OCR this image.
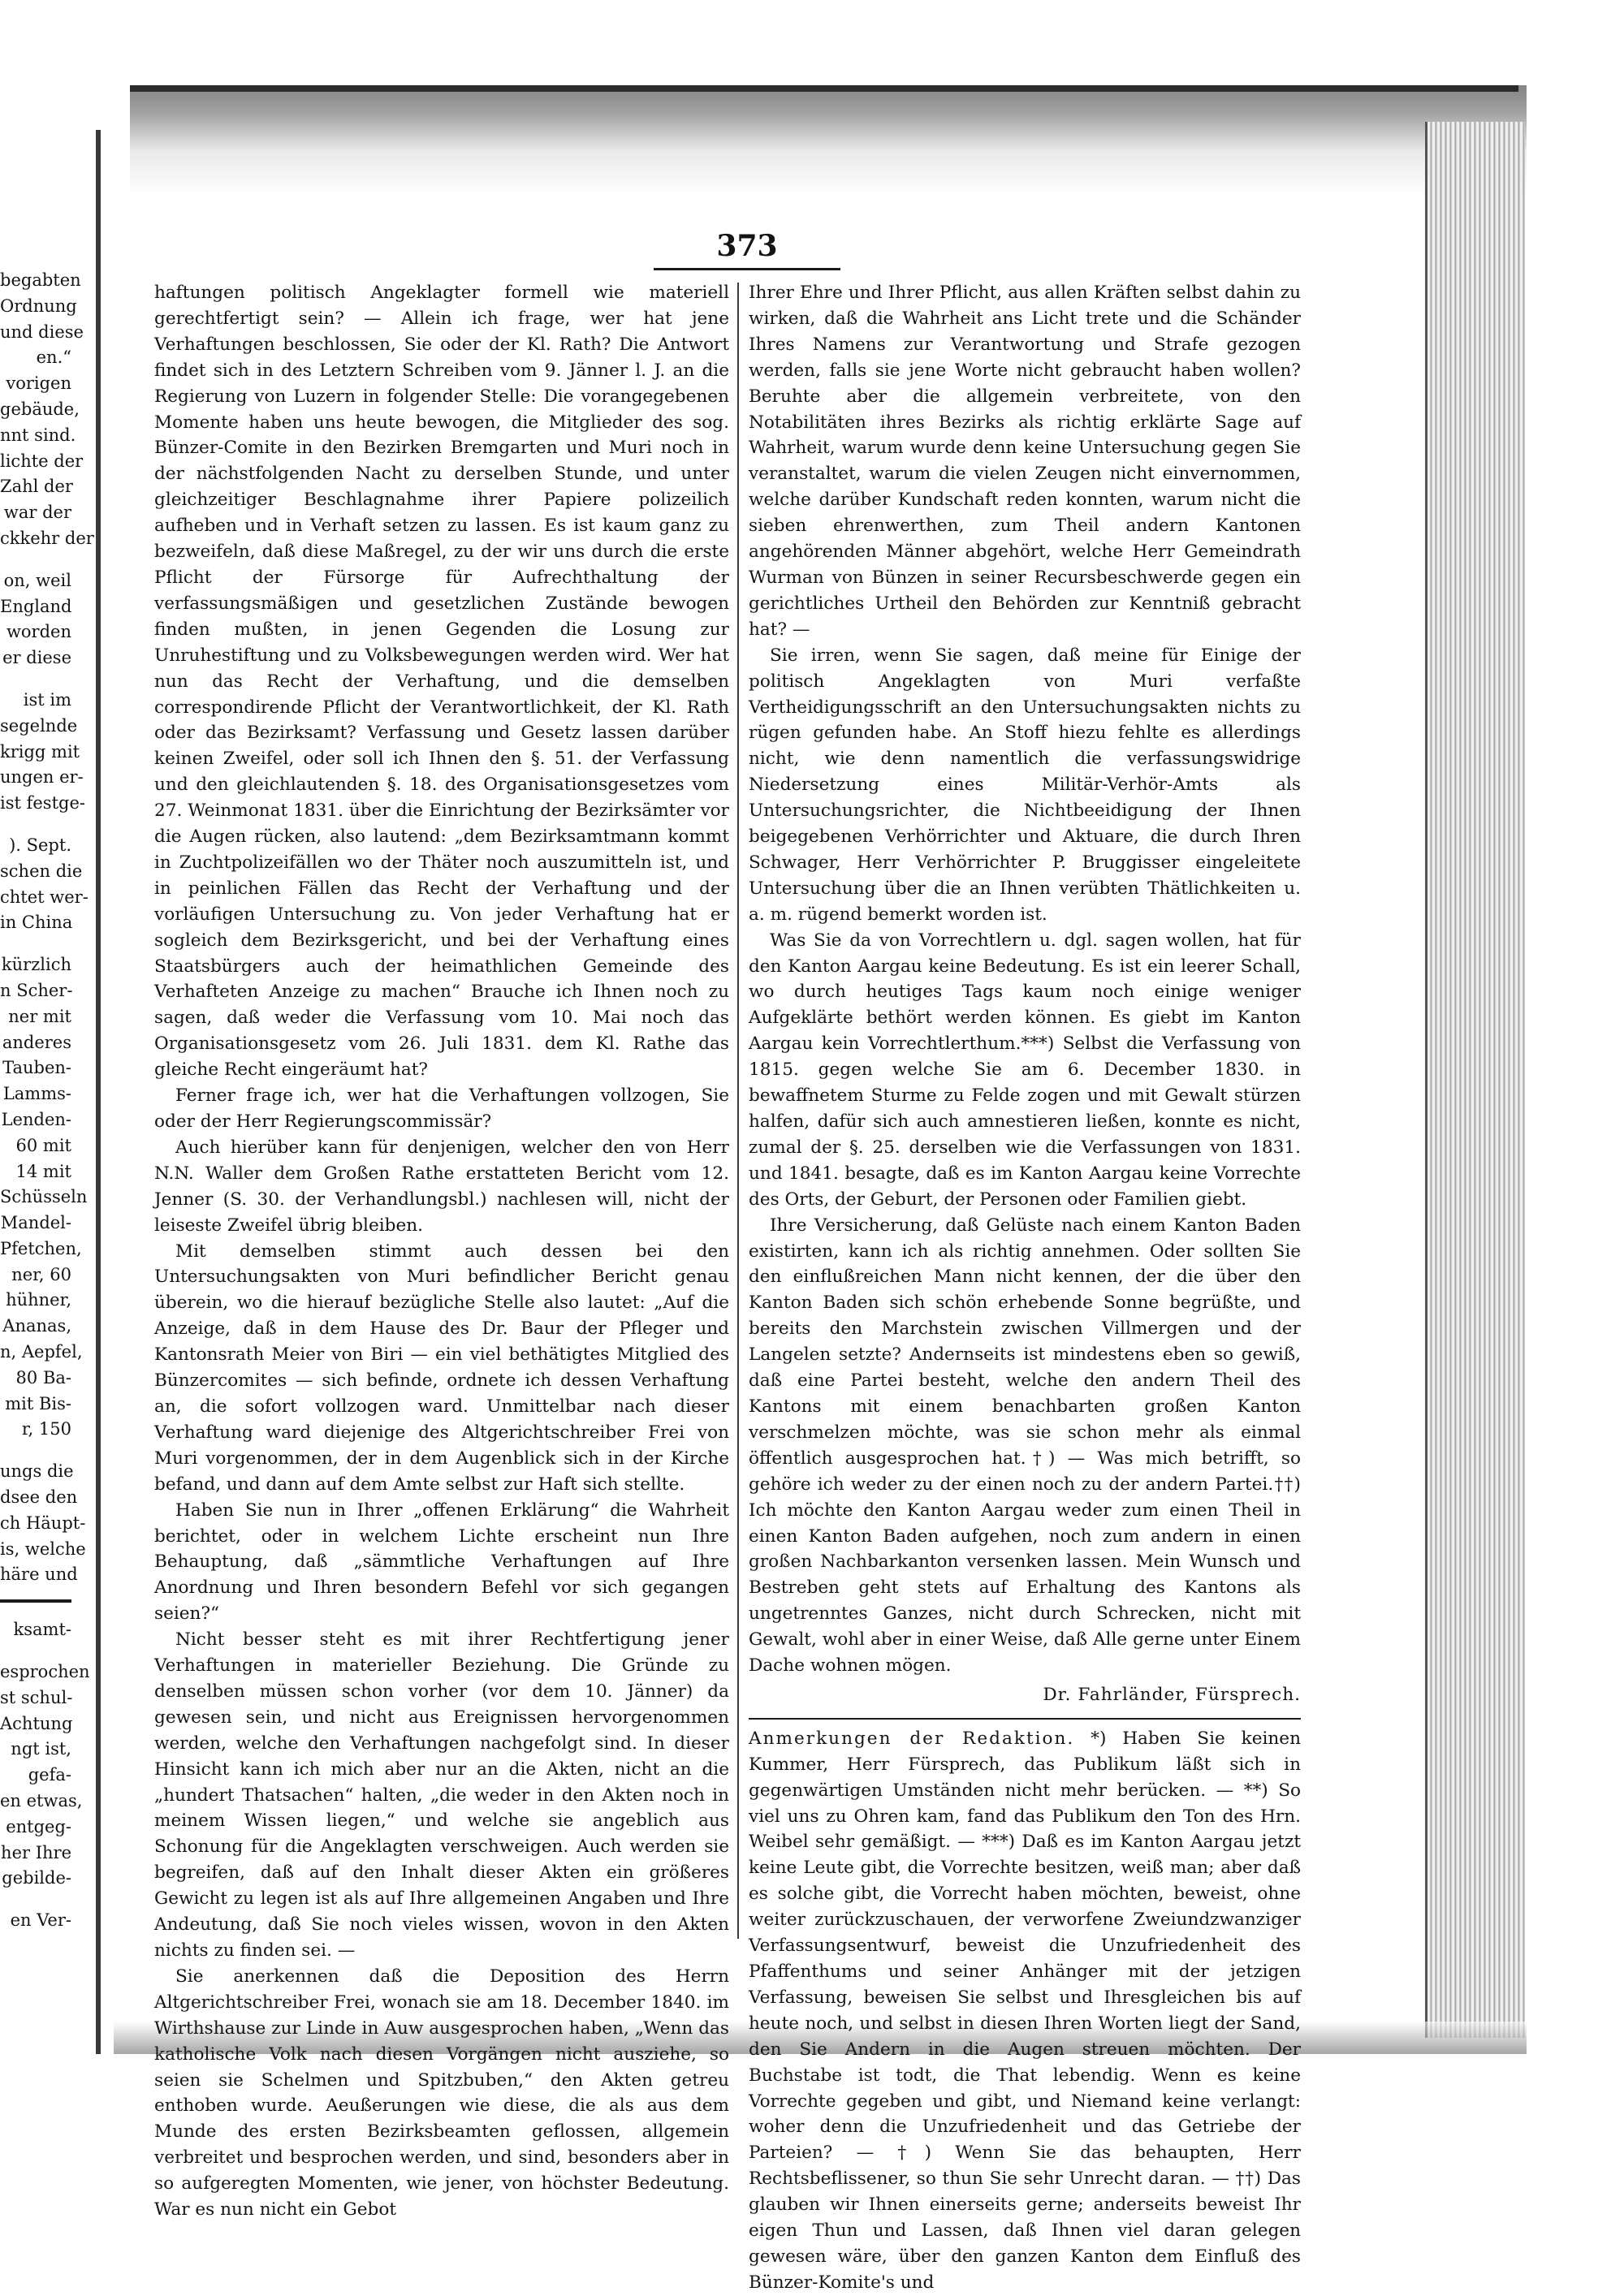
begabten
Ordnung
und diese
en.“
vorigen
gebäude,
nnt sind.
lichte der
Zahl der
war der
ckkehr der
on, weil
England
worden
er diese
ist im
segelnde
krigg mit
ungen er-
ist festge-
). Sept.
schen die
chtet wer-
in China
kürzlich
n Scher-
ner mit
anderes
Tauben-
Lamms-
Lenden-
60 mit
14 mit
Schüsseln
Mandel-
Pfetchen,
ner, 60
hühner,
Ananas,
n, Aepfel,
80 Ba-
mit Bis-
r, 150
ungs die
dsee den
ch Häupt-
is, welche
häre und
ksamt-
esprochen
st schul-
Achtung
ngt ist,
gefa-
en etwas,
entgeg-
her Ihre
gebilde-
en Ver-
373

haftungen politisch Angeklagter formell wie materiell gerechtfertigt sein? — Allein ich frage, wer hat jene Verhaftungen beschlossen, Sie oder der Kl. Rath? Die Antwort findet sich in des Letztern Schreiben vom 9. Jänner l. J. an die Regierung von Luzern in folgender Stelle: Die vorangegebenen Momente haben uns heute bewogen, die Mitglieder des sog. Bünzer-Comite in den Bezirken Bremgarten und Muri noch in der nächstfolgenden Nacht zu derselben Stunde, und unter gleichzeitiger Beschlagnahme ihrer Papiere polizeilich aufheben und in Verhaft setzen zu lassen. Es ist kaum ganz zu bezweifeln, daß diese Maßregel, zu der wir uns durch die erste Pflicht der Fürsorge für Aufrechthaltung der verfassungsmäßigen und gesetzlichen Zustände bewogen finden mußten, in jenen Gegenden die Losung zur Unruhestiftung und zu Volksbewegungen werden wird. Wer hat nun das Recht der Verhaftung, und die demselben correspondirende Pflicht der Verantwortlichkeit, der Kl. Rath oder das Bezirksamt? Verfassung und Gesetz lassen darüber keinen Zweifel, oder soll ich Ihnen den §. 51. der Verfassung und den gleichlautenden §. 18. des Organisationsgesetzes vom 27. Weinmonat 1831. über die Einrichtung der Bezirksämter vor die Augen rücken, also lautend: „dem Bezirksamtmann kommt in Zuchtpolizeifällen wo der Thäter noch auszumitteln ist, und in peinlichen Fällen das Recht der Verhaftung und der vorläufigen Untersuchung zu. Von jeder Verhaftung hat er sogleich dem Bezirksgericht, und bei der Verhaftung eines Staatsbürgers auch der heimathlichen Gemeinde des Verhafteten Anzeige zu machen“ Brauche ich Ihnen noch zu sagen, daß weder die Verfassung vom 10. Mai noch das Organisationsgesetz vom 26. Juli 1831. dem Kl. Rathe das gleiche Recht eingeräumt hat?

Ferner frage ich, wer hat die Verhaftungen vollzogen, Sie oder der Herr Regierungscommissär?

Auch hierüber kann für denjenigen, welcher den von Herr N.N. Waller dem Großen Rathe erstatteten Bericht vom 12. Jenner (S. 30. der Verhandlungsbl.) nachlesen will, nicht der leiseste Zweifel übrig bleiben.

Mit demselben stimmt auch dessen bei den Untersuchungsakten von Muri befindlicher Bericht genau überein, wo die hierauf bezügliche Stelle also lautet: „Auf die Anzeige, daß in dem Hause des Dr. Baur der Pfleger und Kantonsrath Meier von Biri — ein viel bethätigtes Mitglied des Bünzercomites — sich befinde, ordnete ich dessen Verhaftung an, die sofort vollzogen ward. Unmittelbar nach dieser Verhaftung ward diejenige des Altgerichtschreiber Frei von Muri vorgenommen, der in dem Augenblick sich in der Kirche befand, und dann auf dem Amte selbst zur Haft sich stellte.

Haben Sie nun in Ihrer „offenen Erklärung“ die Wahrheit berichtet, oder in welchem Lichte erscheint nun Ihre Behauptung, daß „sämmtliche Verhaftungen auf Ihre Anordnung und Ihren besondern Befehl vor sich gegangen seien?“

Nicht besser steht es mit ihrer Rechtfertigung jener Verhaftungen in materieller Beziehung. Die Gründe zu denselben müssen schon vorher (vor dem 10. Jänner) da gewesen sein, und nicht aus Ereignissen hervorgenommen werden, welche den Verhaftungen nachgefolgt sind. In dieser Hinsicht kann ich mich aber nur an die Akten, nicht an die „hundert Thatsachen“ halten, „die weder in den Akten noch in meinem Wissen liegen,“ und welche sie angeblich aus Schonung für die Angeklagten verschweigen. Auch werden sie begreifen, daß auf den Inhalt dieser Akten ein größeres Gewicht zu legen ist als auf Ihre allgemeinen Angaben und Ihre Andeutung, daß Sie noch vieles wissen, wovon in den Akten nichts zu finden sei. —

Sie anerkennen daß die Deposition des Herrn Altgerichtschreiber Frei, wonach sie am 18. December 1840. im Wirthshause zur Linde in Auw ausgesprochen haben, „Wenn das katholische Volk nach diesen Vorgängen nicht ausziehe, so seien sie Schelmen und Spitzbuben,“ den Akten getreu enthoben wurde. Aeußerungen wie diese, die als aus dem Munde des ersten Bezirksbeamten geflossen, allgemein verbreitet und besprochen werden, und sind, besonders aber in so aufgeregten Momenten, wie jener, von höchster Bedeutung. War es nun nicht ein Gebot

Ihrer Ehre und Ihrer Pflicht, aus allen Kräften selbst dahin zu wirken, daß die Wahrheit ans Licht trete und die Schänder Ihres Namens zur Verantwortung und Strafe gezogen werden, falls sie jene Worte nicht gebraucht haben wollen? Beruhte aber die allgemein verbreitete, von den Notabilitäten ihres Bezirks als richtig erklärte Sage auf Wahrheit, warum wurde denn keine Untersuchung gegen Sie veranstaltet, warum die vielen Zeugen nicht einvernommen, welche darüber Kundschaft reden konnten, warum nicht die sieben ehrenwerthen, zum Theil andern Kantonen angehörenden Männer abgehört, welche Herr Gemeindrath Wurman von Bünzen in seiner Recursbeschwerde gegen ein gerichtliches Urtheil den Behörden zur Kenntniß gebracht hat? —

Sie irren, wenn Sie sagen, daß meine für Einige der politisch Angeklagten von Muri verfaßte Vertheidigungsschrift an den Untersuchungsakten nichts zu rügen gefunden habe. An Stoff hiezu fehlte es allerdings nicht, wie denn namentlich die verfassungswidrige Niedersetzung eines Militär-Verhör-Amts als Untersuchungsrichter, die Nichtbeeidigung der Ihnen beigegebenen Verhörrichter und Aktuare, die durch Ihren Schwager, Herr Verhörrichter P. Bruggisser eingeleitete Untersuchung über die an Ihnen verübten Thätlichkeiten u. a. m. rügend bemerkt worden ist.

Was Sie da von Vorrechtlern u. dgl. sagen wollen, hat für den Kanton Aargau keine Bedeutung. Es ist ein leerer Schall, wo durch heutiges Tags kaum noch einige weniger Aufgeklärte bethört werden können. Es giebt im Kanton Aargau kein Vorrechtlerthum.***) Selbst die Verfassung von 1815. gegen welche Sie am 6. December 1830. in bewaffnetem Sturme zu Felde zogen und mit Gewalt stürzen halfen, dafür sich auch amnestieren ließen, konnte es nicht, zumal der §. 25. derselben wie die Verfassungen von 1831. und 1841. besagte, daß es im Kanton Aargau keine Vorrechte des Orts, der Geburt, der Personen oder Familien giebt.

Ihre Versicherung, daß Gelüste nach einem Kanton Baden existirten, kann ich als richtig annehmen. Oder sollten Sie den einflußreichen Mann nicht kennen, der die über den Kanton Baden sich schön erhebende Sonne begrüßte, und bereits den Marchstein zwischen Villmergen und der Langelen setzte? Andernseits ist mindestens eben so gewiß, daß eine Partei besteht, welche den andern Theil des Kantons mit einem benachbarten großen Kanton verschmelzen möchte, was sie schon mehr als einmal öffentlich ausgesprochen hat.†) — Was mich betrifft, so gehöre ich weder zu der einen noch zu der andern Partei.††) Ich möchte den Kanton Aargau weder zum einen Theil in einen Kanton Baden aufgehen, noch zum andern in einen großen Nachbarkanton versenken lassen. Mein Wunsch und Bestreben geht stets auf Erhaltung des Kantons als ungetrenntes Ganzes, nicht durch Schrecken, nicht mit Gewalt, wohl aber in einer Weise, daß Alle gerne unter Einem Dache wohnen mögen.

Dr. Fahrländer, Fürsprech.

Anmerkungen der Redaktion. *) Haben Sie keinen Kummer, Herr Fürsprech, das Publikum läßt sich in gegenwärtigen Umständen nicht mehr berücken. — **) So viel uns zu Ohren kam, fand das Publikum den Ton des Hrn. Weibel sehr gemäßigt. — ***) Daß es im Kanton Aargau jetzt keine Leute gibt, die Vorrechte besitzen, weiß man; aber daß es solche gibt, die Vorrecht haben möchten, beweist, ohne weiter zurückzuschauen, der verworfene Zweiundzwanziger Verfassungsentwurf, beweist die Unzufriedenheit des Pfaffenthums und seiner Anhänger mit der jetzigen Verfassung, beweisen Sie selbst und Ihresgleichen bis auf heute noch, und selbst in diesen Ihren Worten liegt der Sand, den Sie Andern in die Augen streuen möchten. Der Buchstabe ist todt, die That lebendig. Wenn es keine Vorrechte gegeben und gibt, und Niemand keine verlangt: woher denn die Unzufriedenheit und das Getriebe der Parteien? — †) Wenn Sie das behaupten, Herr Rechtsbeflissener, so thun Sie sehr Unrecht daran. — ††) Das glauben wir Ihnen einerseits gerne; anderseits beweist Ihr eigen Thun und Lassen, daß Ihnen viel daran gelegen gewesen wäre, über den ganzen Kanton dem Einfluß des Bünzer-Komite's und
